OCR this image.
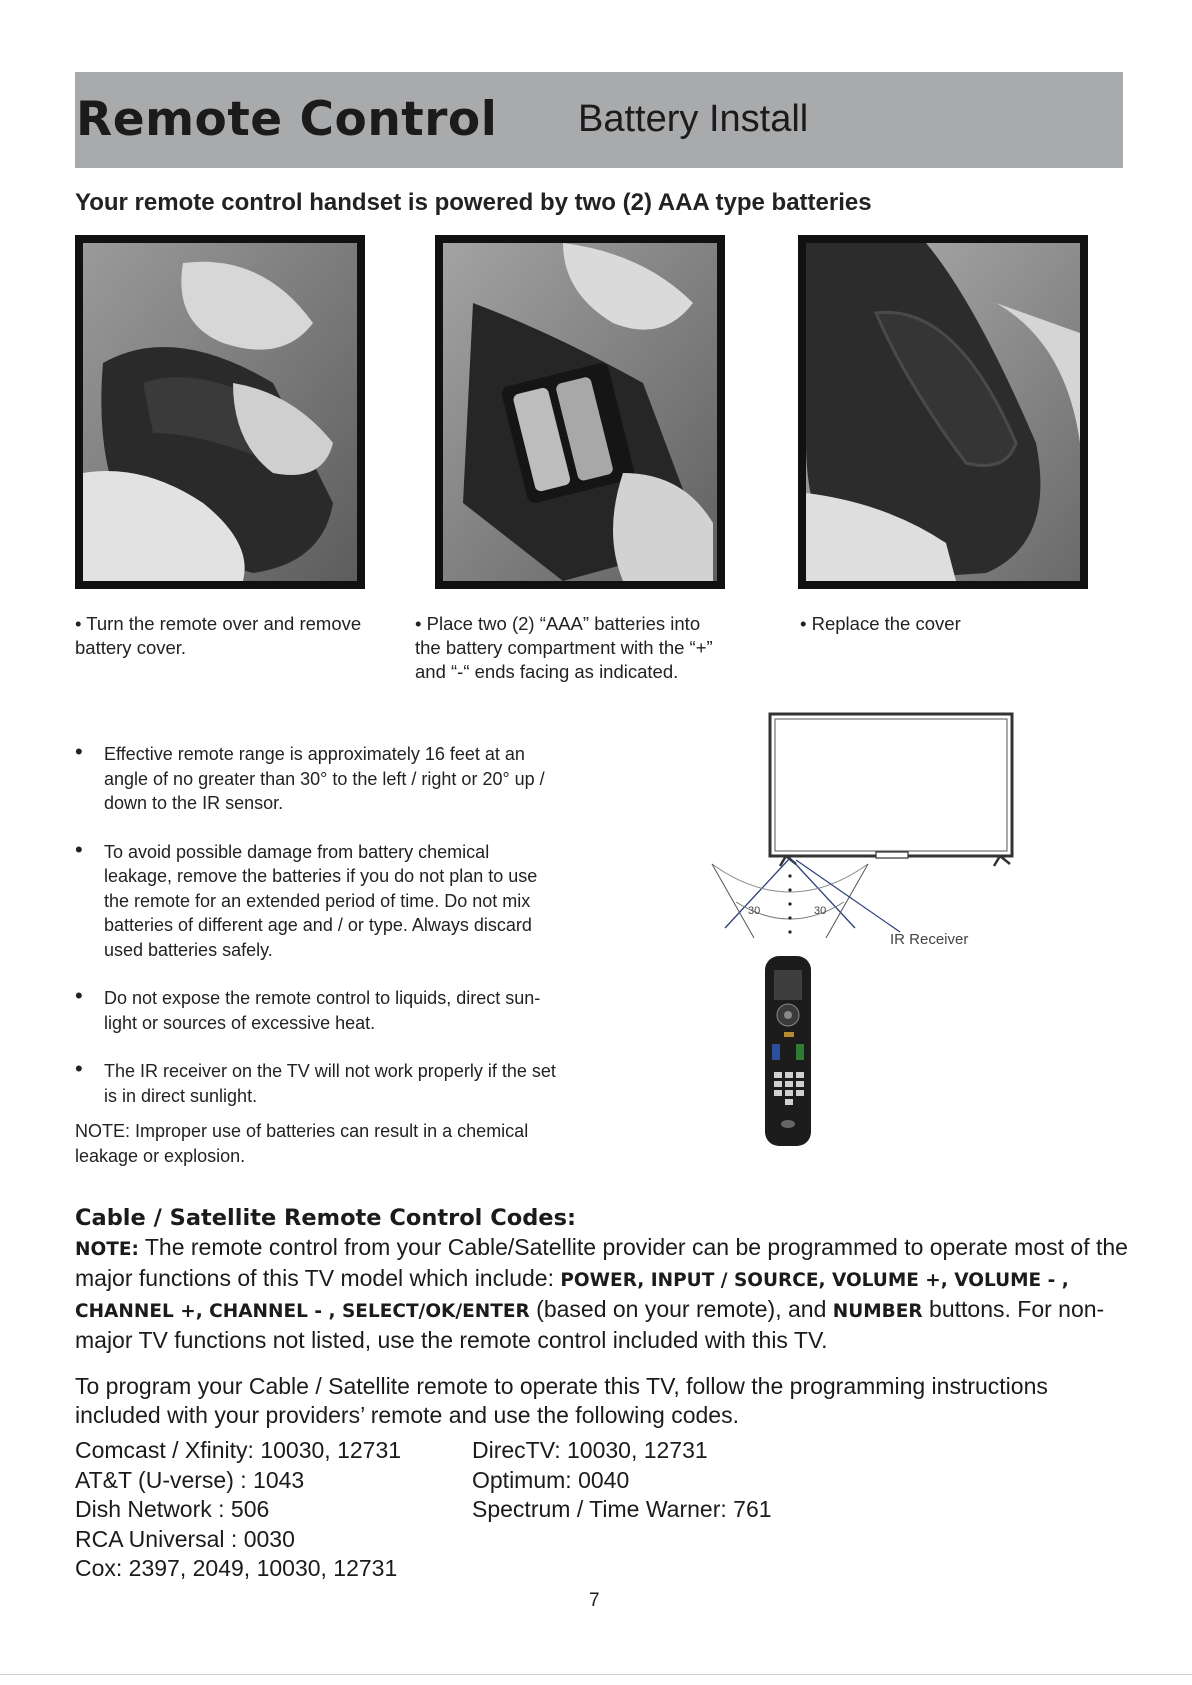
Remote Control Battery Install
Your remote control handset is powered by two (2) AAA type batteries
• Turn the remote over and remove
battery cover.
• Place two (2) “AAA” batteries into
the battery compartment with the “+”
and “-“ ends facing as indicated.
• Replace the cover
• Effective remote range is approximately 16 feet at an
angle of no greater than 30° to the left / right or 20° up /
down to the IR sensor.
• To avoid possible damage from battery chemical
leakage, remove the batteries if you do not plan to use
the remote for an extended period of time. Do not mix
batteries of different age and / or type. Always discard
used batteries safely.
• Do not expose the remote control to liquids, direct sun-
light or sources of excessive heat.
• The IR receiver on the TV will not work properly if the set
is in direct sunlight.
NOTE: Improper use of batteries can result in a chemical
leakage or explosion.
30	30
IR Receiver
Cable / Satellite Remote Control Codes:
NOTE: The remote control from your Cable/Satellite provider can be programmed to operate most of the major functions of this TV model which include: POWER, INPUT / SOURCE, VOLUME +, VOLUME - , CHANNEL +, CHANNEL - , SELECT/OK/ENTER (based on your remote), and NUMBER buttons. For non-major TV functions not listed, use the remote control included with this TV.
To program your Cable / Satellite remote to operate this TV, follow the programming instructions included with your providers’ remote and use the following codes.
Comcast / Xfinity: 10030, 12731
AT&T (U-verse) : 1043
Dish Network : 506
RCA Universal : 0030
Cox: 2397, 2049, 10030, 12731
DirecTV: 10030, 12731
Optimum: 0040
Spectrum / Time Warner: 761
7
